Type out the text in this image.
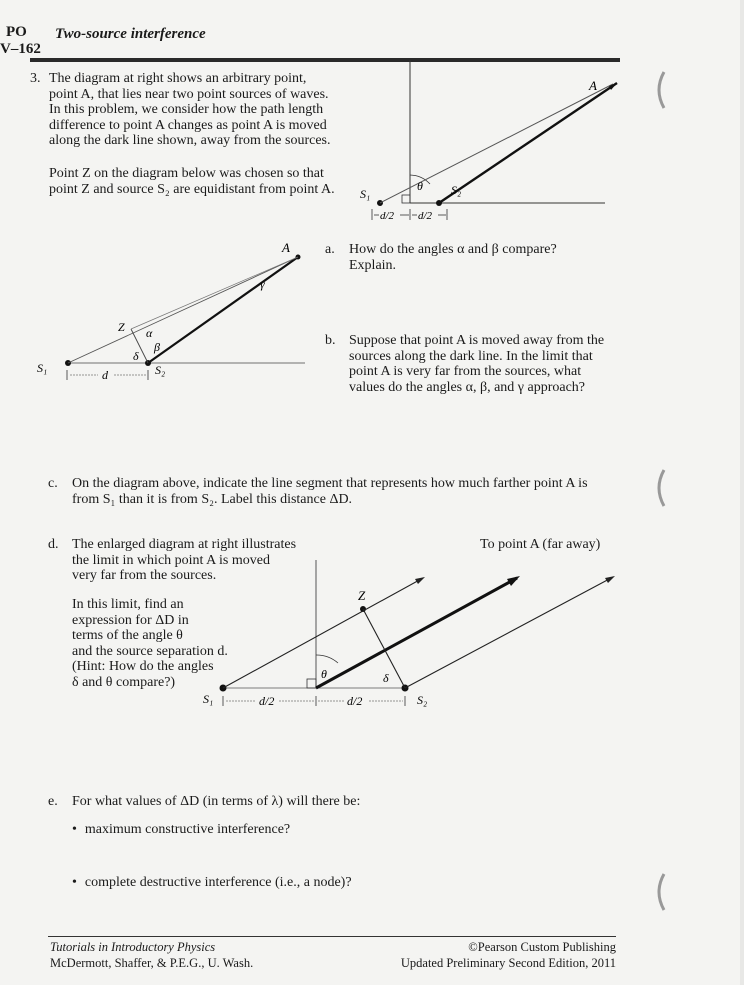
PO
V–162
Two-source interference
3. The diagram at right shows an arbitrary point,
point A, that lies near two point sources of waves.
In this problem, we consider how the path length
difference to point A changes as point A is moved
along the dark line shown, away from the sources.
Point Z on the diagram below was chosen so that
point Z and source S₂ are equidistant from point A.
A
θ
S₁	S₂
d/2 d/2
A
Z α
β
γ
δ
S₁	S₂
d
a. How do the angles α and β compare?
Explain.
b. Suppose that point A is moved away from the
sources along the dark line. In the limit that
point A is very far from the sources, what
values do the angles α, β, and γ approach?
c. On the diagram above, indicate the line segment that represents how much farther point A is
from S₁ than it is from S₂. Label this distance ΔD.
d. The enlarged diagram at right illustrates
the limit in which point A is moved
very far from the sources.
In this limit, find an
expression for ΔD in
terms of the angle θ
and the source separation d.
(Hint: How do the angles
δ and θ compare?)
To point A (far away)
Z
θ	δ
S₁	S₂
d/2	d/2
e. For what values of ΔD (in terms of λ) will there be:
• maximum constructive interference?
• complete destructive interference (i.e., a node)?
Tutorials in Introductory Physics
McDermott, Shaffer, & P.E.G., U. Wash.
©Pearson Custom Publishing
Updated Preliminary Second Edition, 2011
